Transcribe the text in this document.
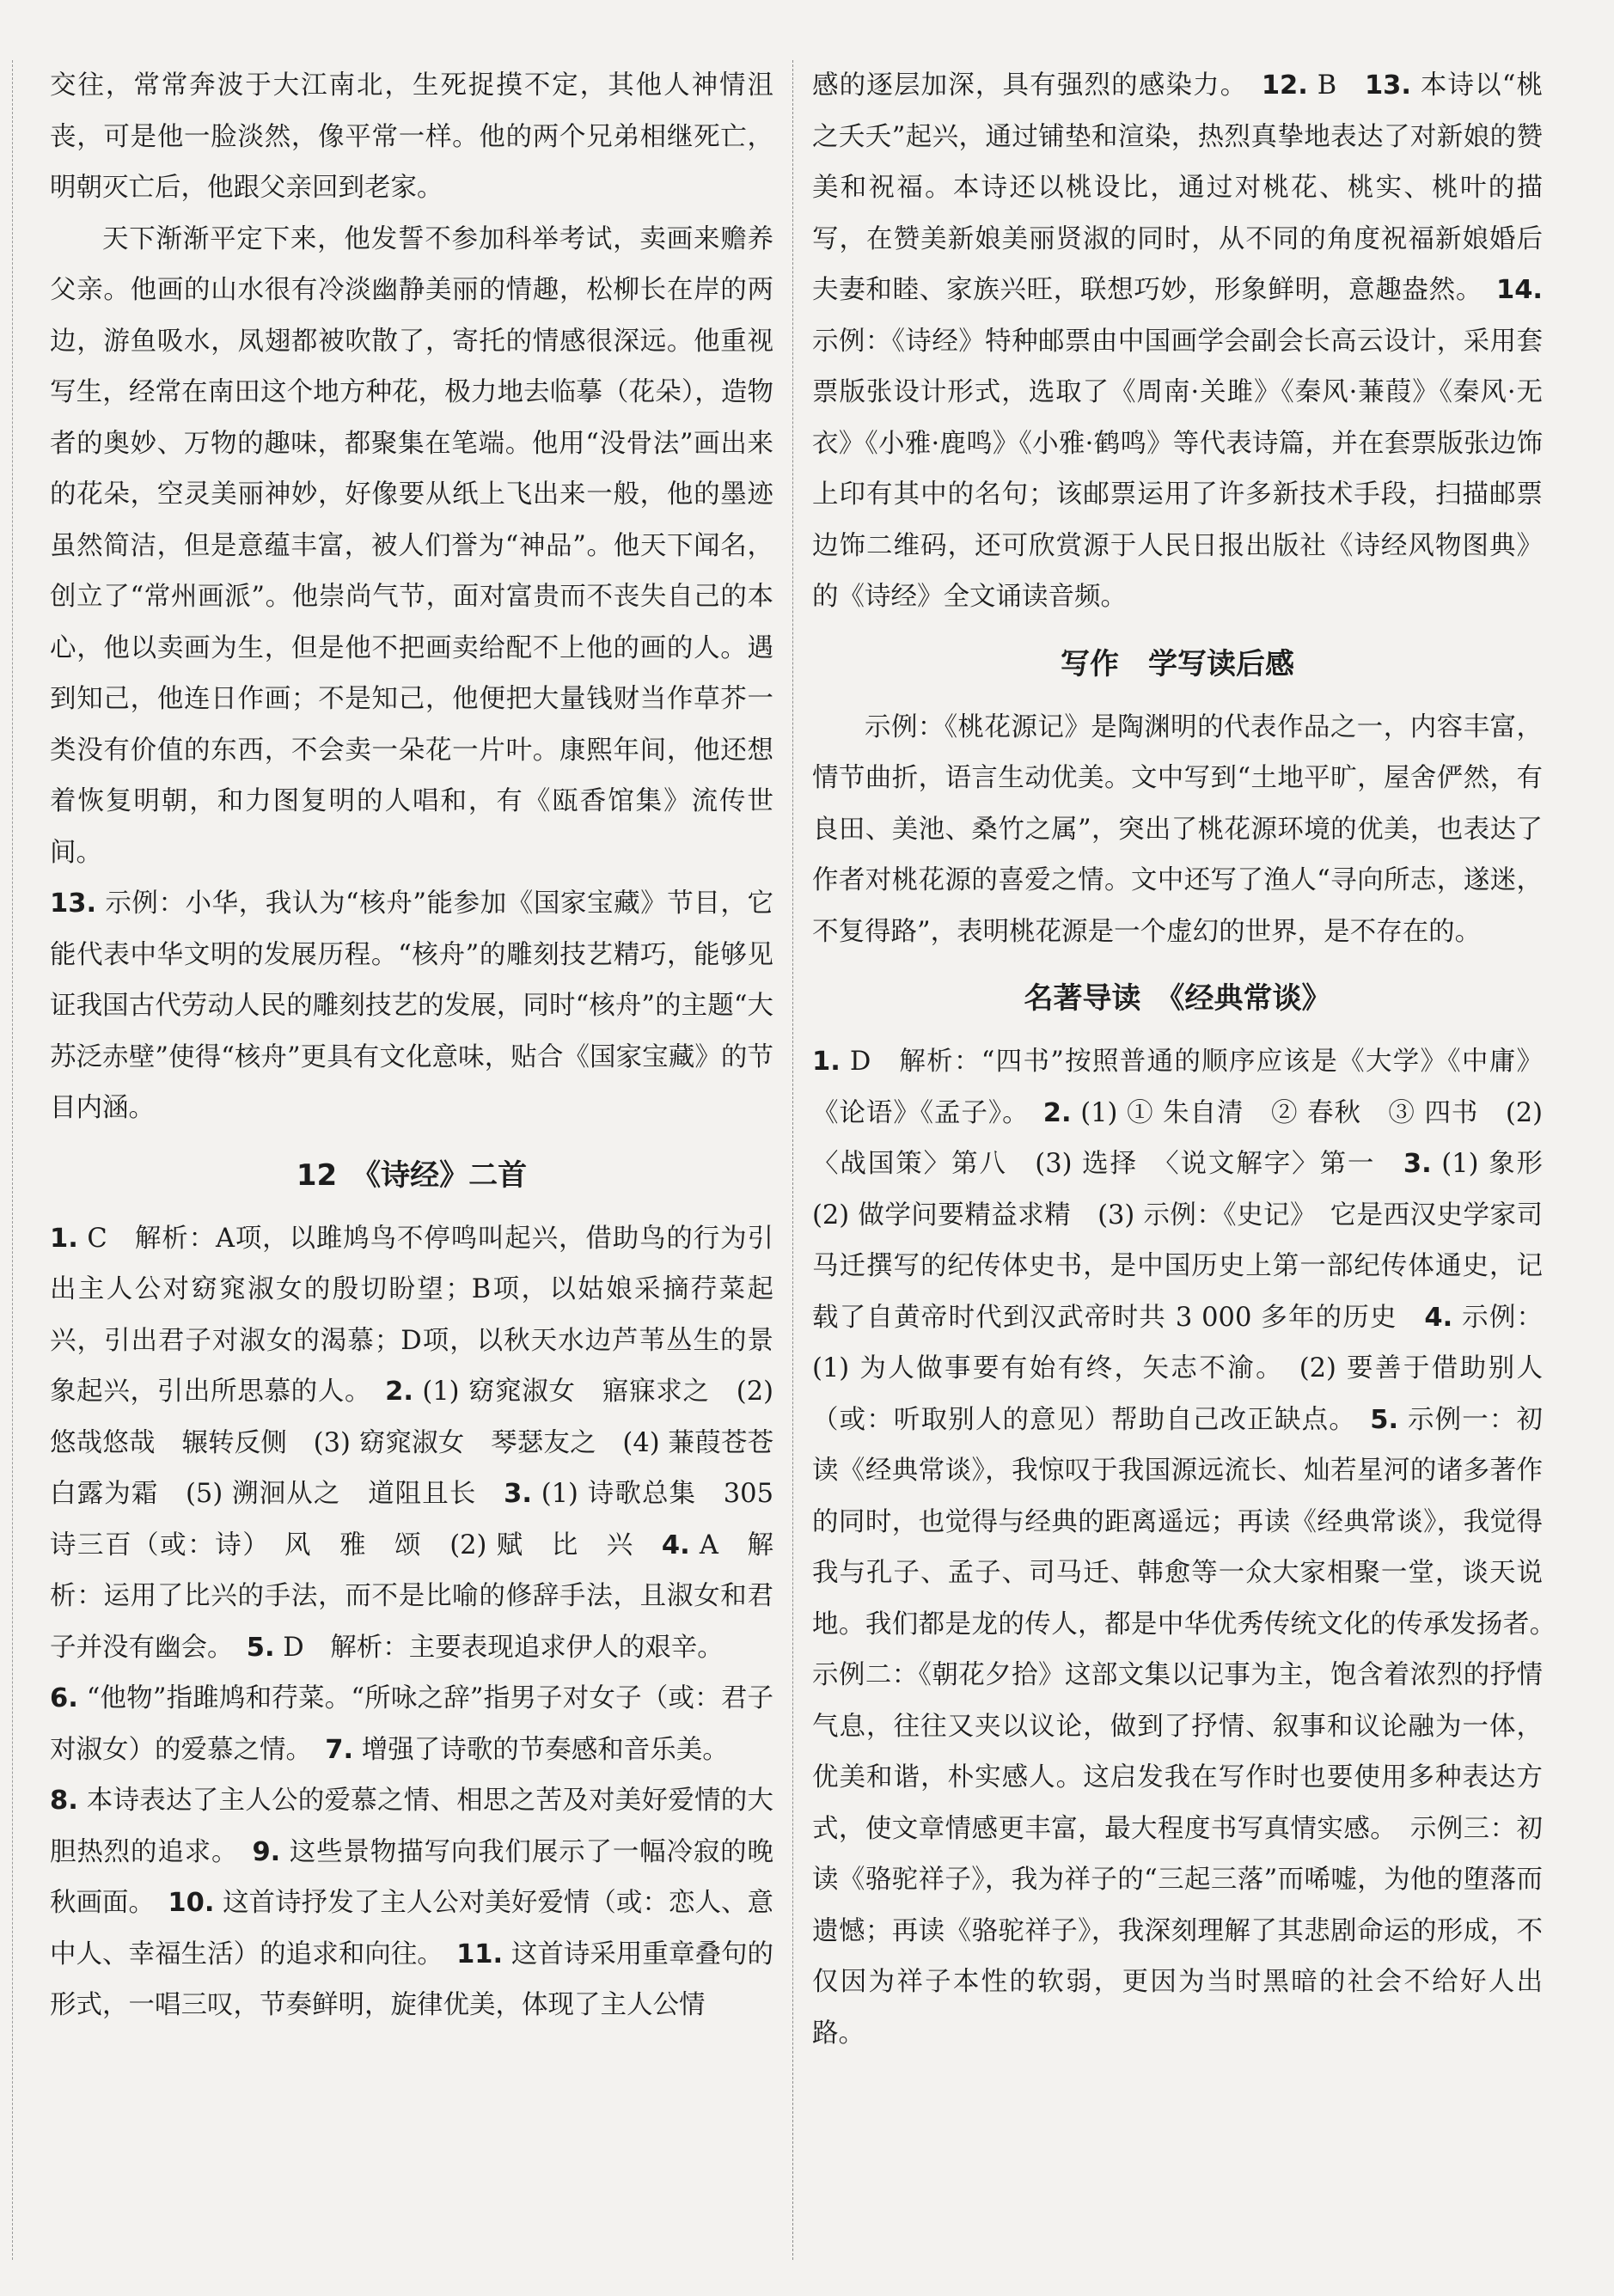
交往，常常奔波于大江南北，生死捉摸不定，其他人神情沮丧，可是他一脸淡然，像平常一样。他的两个兄弟相继死亡，明朝灭亡后，他跟父亲回到老家。

天下渐渐平定下来，他发誓不参加科举考试，卖画来赡养父亲。他画的山水很有冷淡幽静美丽的情趣，松柳长在岸的两边，游鱼吸水，凤翅都被吹散了，寄托的情感很深远。他重视写生，经常在南田这个地方种花，极力地去临摹（花朵），造物者的奥妙、万物的趣味，都聚集在笔端。他用“没骨法”画出来的花朵，空灵美丽神妙，好像要从纸上飞出来一般，他的墨迹虽然简洁，但是意蕴丰富，被人们誉为“神品”。他天下闻名，创立了“常州画派”。他崇尚气节，面对富贵而不丧失自己的本心，他以卖画为生，但是他不把画卖给配不上他的画的人。遇到知己，他连日作画；不是知己，他便把大量钱财当作草芥一类没有价值的东西，不会卖一朵花一片叶。康熙年间，他还想着恢复明朝，和力图复明的人唱和，有《瓯香馆集》流传世间。

13. 示例：小华，我认为“核舟”能参加《国家宝藏》节目，它能代表中华文明的发展历程。“核舟”的雕刻技艺精巧，能够见证我国古代劳动人民的雕刻技艺的发展，同时“核舟”的主题“大苏泛赤壁”使得“核舟”更具有文化意味，贴合《国家宝藏》的节目内涵。

12　《诗经》二首

1. C　解析：A项，以雎鸠鸟不停鸣叫起兴，借助鸟的行为引出主人公对窈窕淑女的殷切盼望；B项，以姑娘采摘荇菜起兴，引出君子对淑女的渴慕；D项，以秋天水边芦苇丛生的景象起兴，引出所思慕的人。　 2. (1) 窈窕淑女　寤寐求之　(2) 悠哉悠哉　辗转反侧　(3) 窈窕淑女　琴瑟友之　(4) 蒹葭苍苍　白露为霜　(5) 溯洄从之　道阻且长　 3. (1) 诗歌总集　305　诗三百（或：诗）　风　雅　颂　(2) 赋　比　兴　 4. A　解析：运用了比兴的手法，而不是比喻的修辞手法，且淑女和君子并没有幽会。　 5. D　解析：主要表现追求伊人的艰辛。

6. “他物”指雎鸠和荇菜。“所咏之辞”指男子对女子（或：君子对淑女）的爱慕之情。　 7. 增强了诗歌的节奏感和音乐美。

8. 本诗表达了主人公的爱慕之情、相思之苦及对美好爱情的大胆热烈的追求。　 9. 这些景物描写向我们展示了一幅冷寂的晚秋画面。　 10. 这首诗抒发了主人公对美好爱情（或：恋人、意中人、幸福生活）的追求和向往。　 11. 这首诗采用重章叠句的形式，一唱三叹，节奏鲜明，旋律优美，体现了主人公情

感的逐层加深，具有强烈的感染力。　 12. B　 13. 本诗以“桃之夭夭”起兴，通过铺垫和渲染，热烈真挚地表达了对新娘的赞美和祝福。本诗还以桃设比，通过对桃花、桃实、桃叶的描写，在赞美新娘美丽贤淑的同时，从不同的角度祝福新娘婚后夫妻和睦、家族兴旺，联想巧妙，形象鲜明，意趣盎然。　 14. 示例：《诗经》特种邮票由中国画学会副会长高云设计，采用套票版张设计形式，选取了《周南·关雎》《秦风·蒹葭》《秦风·无衣》《小雅·鹿鸣》《小雅·鹤鸣》等代表诗篇，并在套票版张边饰上印有其中的名句；该邮票运用了许多新技术手段，扫描邮票边饰二维码，还可欣赏源于人民日报出版社《诗经风物图典》的《诗经》全文诵读音频。

写作　学写读后感

示例：《桃花源记》是陶渊明的代表作品之一，内容丰富，情节曲折，语言生动优美。文中写到“土地平旷，屋舍俨然，有良田、美池、桑竹之属”，突出了桃花源环境的优美，也表达了作者对桃花源的喜爱之情。文中还写了渔人“寻向所志，遂迷，不复得路”，表明桃花源是一个虚幻的世界，是不存在的。

名著导读　《经典常谈》

1. D　解析：“四书”按照普通的顺序应该是《大学》《中庸》《论语》《孟子》。　 2. (1) ① 朱自清　② 春秋　③ 四书　(2)〈战国策〉第八　(3) 选择　〈说文解字〉第一　 3. (1) 象形　(2) 做学问要精益求精　(3) 示例：《史记》　它是西汉史学家司马迁撰写的纪传体史书，是中国历史上第一部纪传体通史，记载了自黄帝时代到汉武帝时共 3 000 多年的历史　 4. 示例：(1) 为人做事要有始有终，矢志不渝。　(2) 要善于借助别人（或：听取别人的意见）帮助自己改正缺点。　 5. 示例一：初读《经典常谈》，我惊叹于我国源远流长、灿若星河的诸多著作的同时，也觉得与经典的距离遥远；再读《经典常谈》，我觉得我与孔子、孟子、司马迁、韩愈等一众大家相聚一堂，谈天说地。我们都是龙的传人，都是中华优秀传统文化的传承发扬者。　示例二：《朝花夕拾》这部文集以记事为主，饱含着浓烈的抒情气息，往往又夹以议论，做到了抒情、叙事和议论融为一体，优美和谐，朴实感人。这启发我在写作时也要使用多种表达方式，使文章情感更丰富，最大程度书写真情实感。　示例三：初读《骆驼祥子》，我为祥子的“三起三落”而唏嘘，为他的堕落而遗憾；再读《骆驼祥子》，我深刻理解了其悲剧命运的形成，不仅因为祥子本性的软弱，更因为当时黑暗的社会不给好人出路。
